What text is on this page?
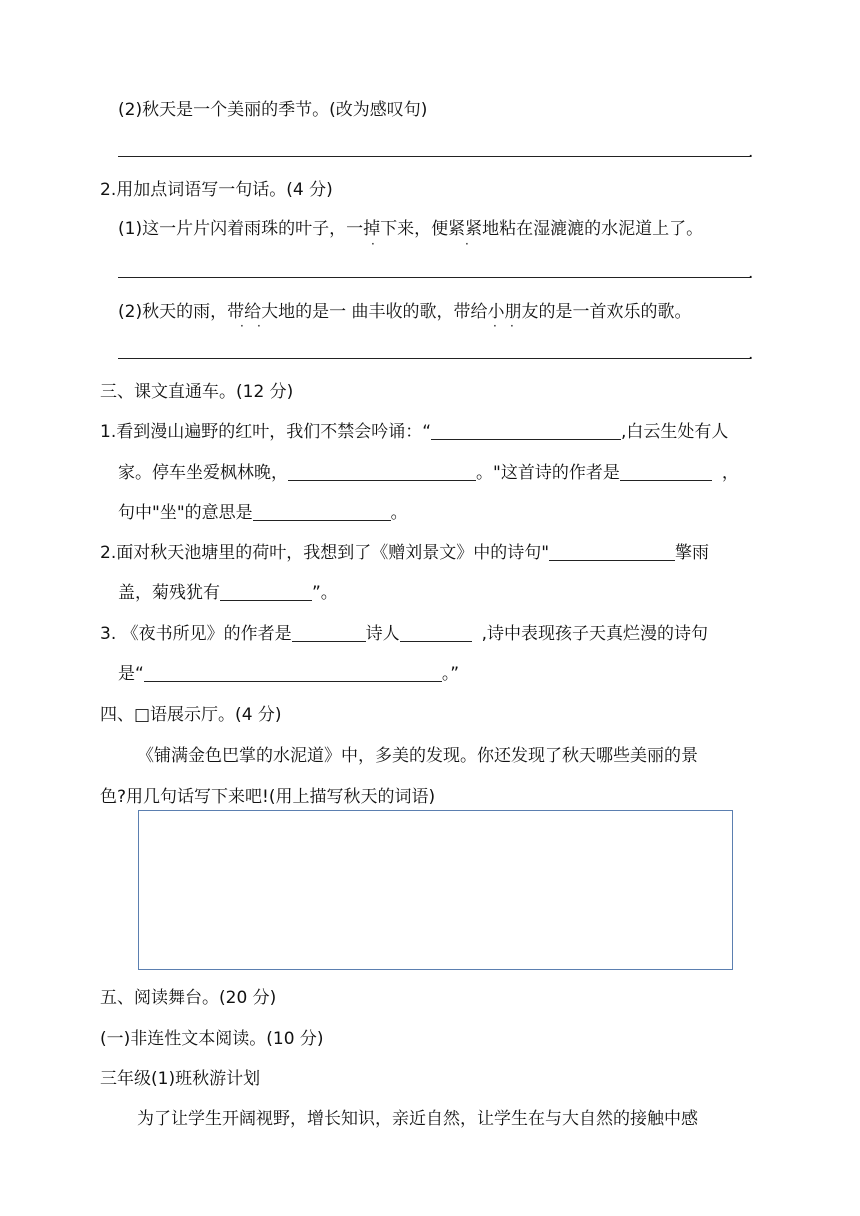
(2)秋天是一个美丽的季节。(改为感叹句)
.
2.用加点词语写一句话。(4 分)
(1)这一片片闪着雨珠的叶子，一掉下来，便紧紧地粘在湿漉漉的水泥道上了。
·	·
.
(2)秋天的雨，带给大地的是一 曲丰收的歌，带给小朋友的是一首欢乐的歌。
· ·	· ·
.
三、课文直通车。(12 分)
1.看到漫山遍野的红叶，我们不禁会吟诵：“	,白云生处有人
家。停车坐爱枫林晚，	。"这首诗的作者是	，
句中"坐"的意思是	。
2.面对秋天池塘里的荷叶，我想到了《赠刘景文》中的诗句"	擎雨
盖，菊残犹有	”。
3. 《夜书所见》的作者是	诗人	,诗中表现孩子天真烂漫的诗句
是“	。”
四、□语展示厅。(4 分)
《铺满金色巴掌的水泥道》中，多美的发现。你还发现了秋天哪些美丽的景
色?用几句话写下来吧!(用上描写秋天的词语)
五、阅读舞台。(20 分)
(一)非连性文本阅读。(10 分)
三年级(1)班秋游计划
为了让学生开阔视野，增长知识，亲近自然，让学生在与大自然的接触中感
